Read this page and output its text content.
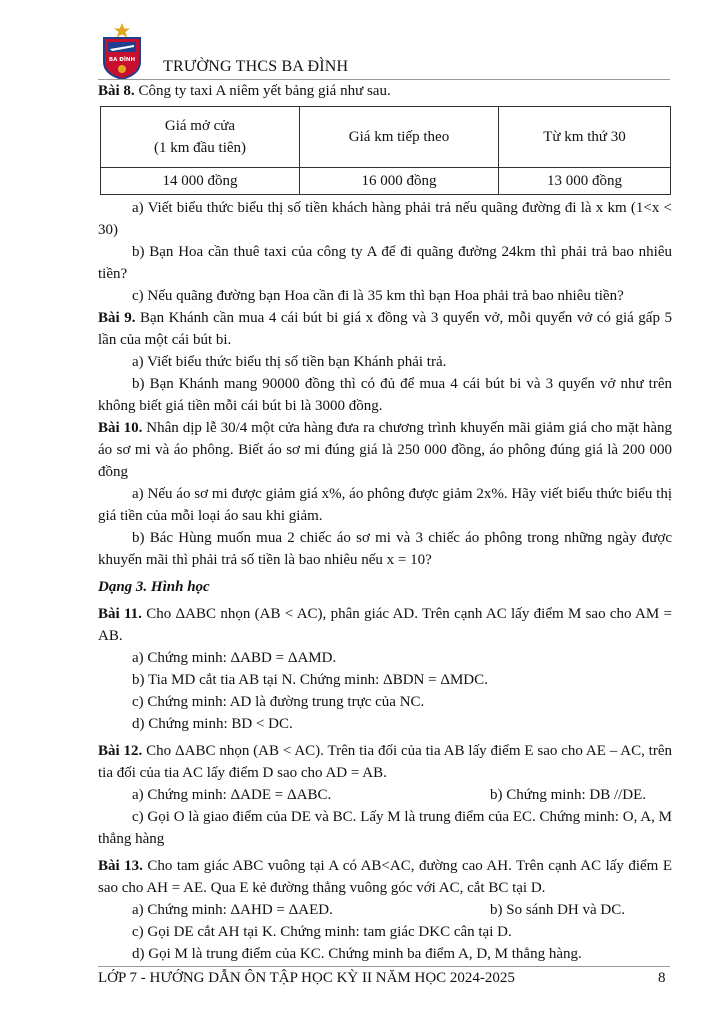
BA ĐÌNH TRƯỜNG THCS BA ĐÌNH

Bài 8. Công ty taxi A niêm yết bảng giá như sau.

Giá mở cửa
(1 km đầu tiên)	Giá km tiếp theo	Từ km thứ 30
14 000 đồng	16 000 đồng	13 000 đồng

a) Viết biểu thức biểu thị số tiền khách hàng phải trả nếu quãng đường đi là x km (1<x < 30)

b) Bạn Hoa cần thuê taxi của công ty A để đi quãng đường 24km thì phải trả bao nhiêu tiền?

c) Nếu quãng đường bạn Hoa cần đi là 35 km thì bạn Hoa phải trả bao nhiêu tiền?

Bài 9. Bạn Khánh cần mua 4 cái bút bi giá x đồng và 3 quyển vở, mỗi quyển vở có giá gấp 5 lần của một cái bút bi.

a) Viết biểu thức biểu thị số tiền bạn Khánh phải trả.

b) Bạn Khánh mang 90000 đồng thì có đủ để mua 4 cái bút bi và 3 quyển vở như trên không biết giá tiền mỗi cái bút bi là 3000 đồng.

Bài 10. Nhân dịp lễ 30/4 một cửa hàng đưa ra chương trình khuyến mãi giảm giá cho mặt hàng áo sơ mi và áo phông. Biết áo sơ mi đúng giá là 250 000 đồng, áo phông đúng giá là 200 000 đồng

a) Nếu áo sơ mi được giảm giá x%, áo phông được giảm 2x%. Hãy viết biểu thức biểu thị giá tiền của mỗi loại áo sau khi giảm.

b) Bác Hùng muốn mua 2 chiếc áo sơ mi và 3 chiếc áo phông trong những ngày được khuyến mãi thì phải trả số tiền là bao nhiêu nếu x = 10?

Dạng 3. Hình học

Bài 11. Cho ΔABC nhọn (AB < AC), phân giác AD. Trên cạnh AC lấy điểm M sao cho AM = AB.

a) Chứng minh: ΔABD = ΔAMD.

b) Tia MD cắt tia AB tại N. Chứng minh: ΔBDN = ΔMDC.

c) Chứng minh: AD là đường trung trực của NC.

d) Chứng minh: BD < DC.

Bài 12. Cho ΔABC nhọn (AB < AC). Trên tia đối của tia AB lấy điểm E sao cho AE – AC, trên tia đối của tia AC lấy điểm D sao cho AD = AB.

a) Chứng minh: ΔADE = ΔABC.	b) Chứng minh: DB //DE.

c) Gọi O là giao điểm của DE và BC. Lấy M là trung điểm của EC. Chứng minh: O, A, M thẳng hàng

Bài 13. Cho tam giác ABC vuông tại A có AB<AC, đường cao AH. Trên cạnh AC lấy điểm E sao cho AH = AE. Qua E kẻ đường thẳng vuông góc với AC, cắt BC tại D.

a) Chứng minh: ΔAHD = ΔAED.	b) So sánh DH và DC.

c) Gọi DE cắt AH tại K. Chứng minh: tam giác DKC cân tại D.

d) Gọi M là trung điểm của KC. Chứng minh ba điểm A, D, M thẳng hàng.

LỚP 7 - HƯỚNG DẪN ÔN TẬP HỌC KỲ II NĂM HỌC 2024-2025	8
